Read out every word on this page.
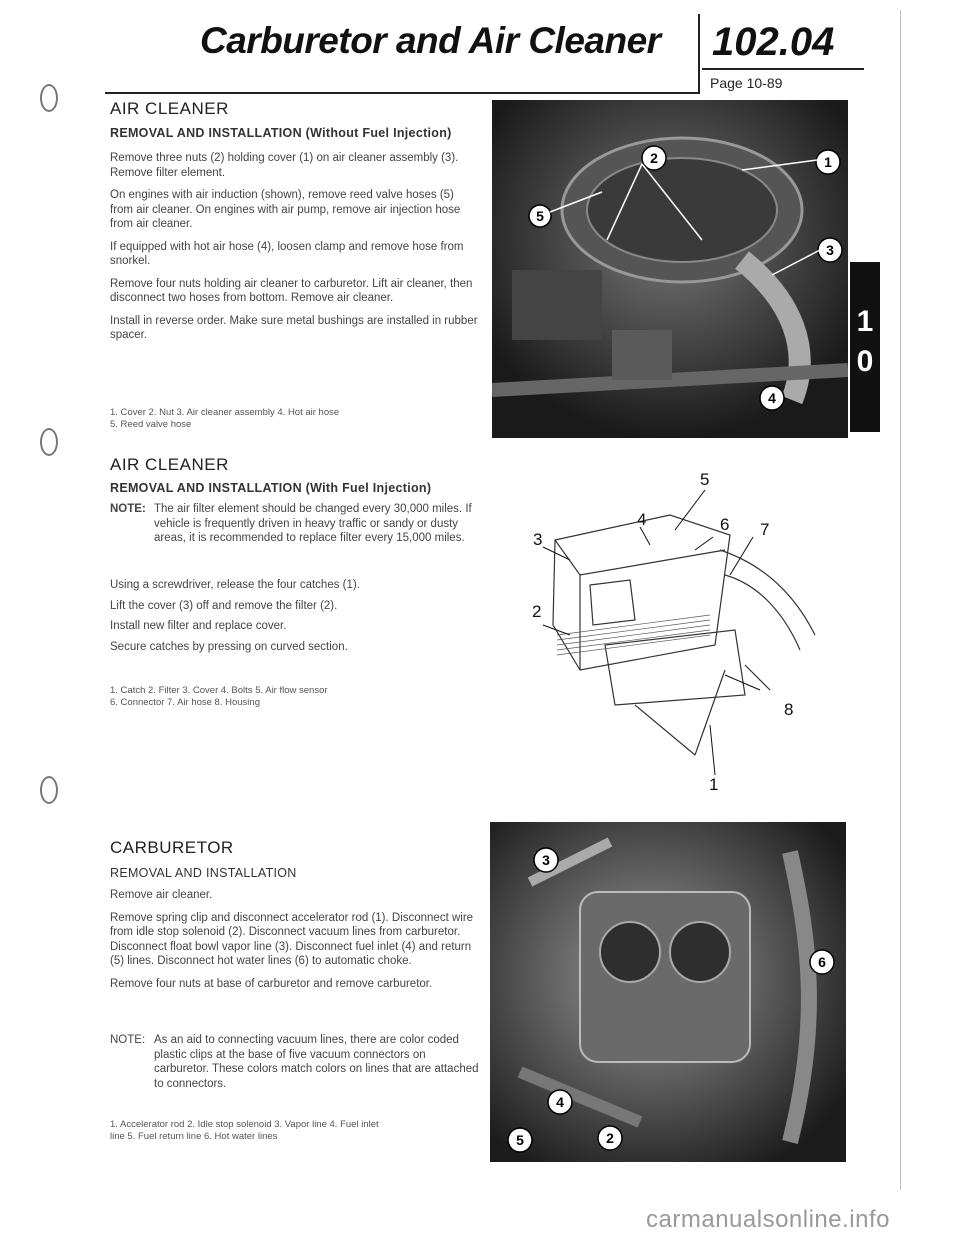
Carburetor and Air Cleaner 102.04
Page 10-89
1
0
AIR CLEANER
REMOVAL AND INSTALLATION (Without Fuel Injection)

Remove three nuts (2) holding cover (1) on air cleaner assembly (3). Remove filter element.

On engines with air induction (shown), remove reed valve hoses (5) from air cleaner. On engines with air pump, remove air injection hose from air cleaner.

If equipped with hot air hose (4), loosen clamp and remove hose from snorkel.

Remove four nuts holding air cleaner to carburetor. Lift air cleaner, then disconnect two hoses from bottom. Remove air cleaner.

Install in reverse order. Make sure metal bushings are installed in rubber spacer.

1. Cover 2. Nut 3. Air cleaner assembly 4. Hot air hose
5. Reed valve hose
2	1
3
4
5
AIR CLEANER
REMOVAL AND INSTALLATION (With Fuel Injection)
NOTE: The air filter element should be changed every 30,000 miles. If vehicle is frequently driven in heavy traffic or sandy or dusty areas, it is recommended to replace filter every 15,000 miles.

Using a screwdriver, release the four catches (1).

Lift the cover (3) off and remove the filter (2).

Install new filter and replace cover.

Secure catches by pressing on curved section.

1. Catch 2. Filter 3. Cover 4. Bolts 5. Air flow sensor
6. Connector 7. Air hose 8. Housing
5
4
3
2
6 7
8
1
CARBURETOR
REMOVAL AND INSTALLATION

Remove air cleaner.

Remove spring clip and disconnect accelerator rod (1). Disconnect wire from idle stop solenoid (2). Disconnect vacuum lines from carburetor. Disconnect float bowl vapor line (3). Disconnect fuel inlet (4) and return (5) lines. Disconnect hot water lines (6) to automatic choke.

Remove four nuts at base of carburetor and remove carburetor.

NOTE: As an aid to connecting vacuum lines, there are color coded plastic clips at the base of five vacuum connectors on carburetor. These colors match colors on lines that are attached to connectors.

1. Accelerator rod 2. Idle stop solenoid 3. Vapor line 4. Fuel inlet
line 5. Fuel return line 6. Hot water lines
3
6
4
5	2
carmanualsonline.info
